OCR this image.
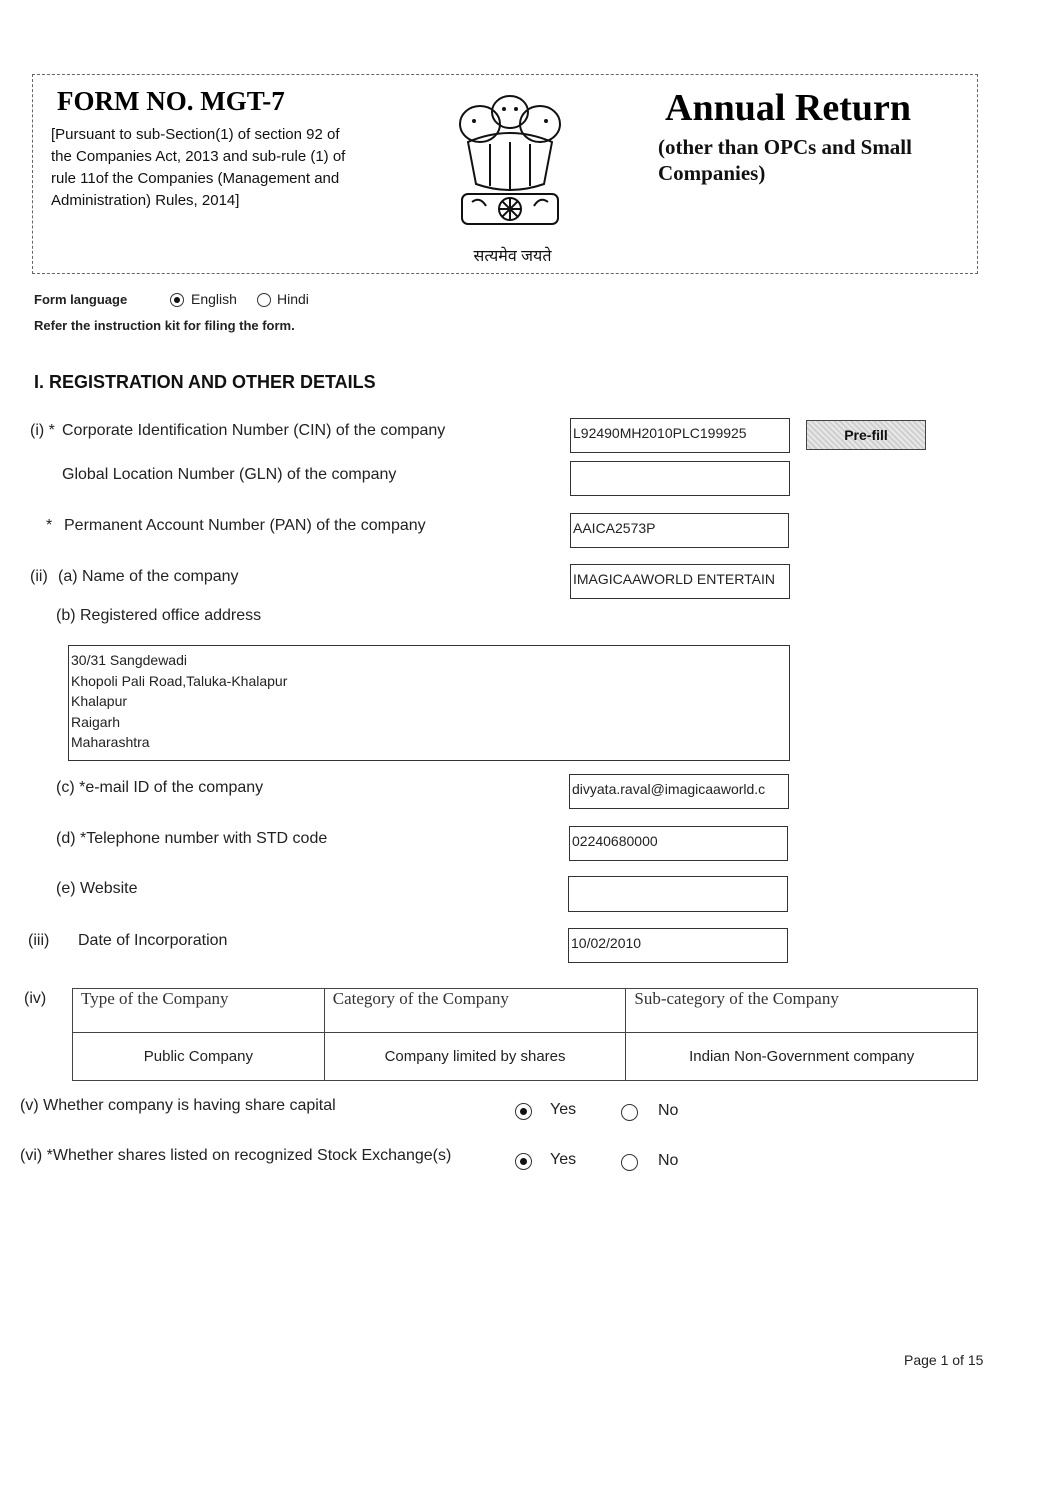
FORM NO. MGT-7
[Pursuant to sub-Section(1) of section 92 of
the Companies Act, 2013 and sub-rule (1) of
rule 11of the Companies (Management and
Administration) Rules, 2014]
सत्यमेव जयते
Annual Return
(other than OPCs and Small Companies)
Form language	English	Hindi
Refer the instruction kit for filing the form.
I. REGISTRATION AND OTHER DETAILS
(i) * Corporate Identification Number (CIN) of the company	L92490MH2010PLC199925	Pre-fill
Global Location Number (GLN) of the company
* Permanent Account Number (PAN) of the company	AAICA2573P
(ii) (a) Name of the company	IMAGICAAWORLD ENTERTAIN
(b) Registered office address
30/31 Sangdewadi
Khopoli Pali Road,Taluka-Khalapur
Khalapur
Raigarh
Maharashtra
(c) *e-mail ID of the company	divyata.raval@imagicaaworld.c
(d) *Telephone number with STD code	02240680000
(e) Website
(iii) Date of Incorporation	10/02/2010
(iv) Type of the Company	Category of the Company	Sub-category of the Company
Public Company	Company limited by shares	Indian Non-Government company
(v) Whether company is having share capital	Yes	No
(vi) *Whether shares listed on recognized Stock Exchange(s)	Yes	No
Page 1 of 15
